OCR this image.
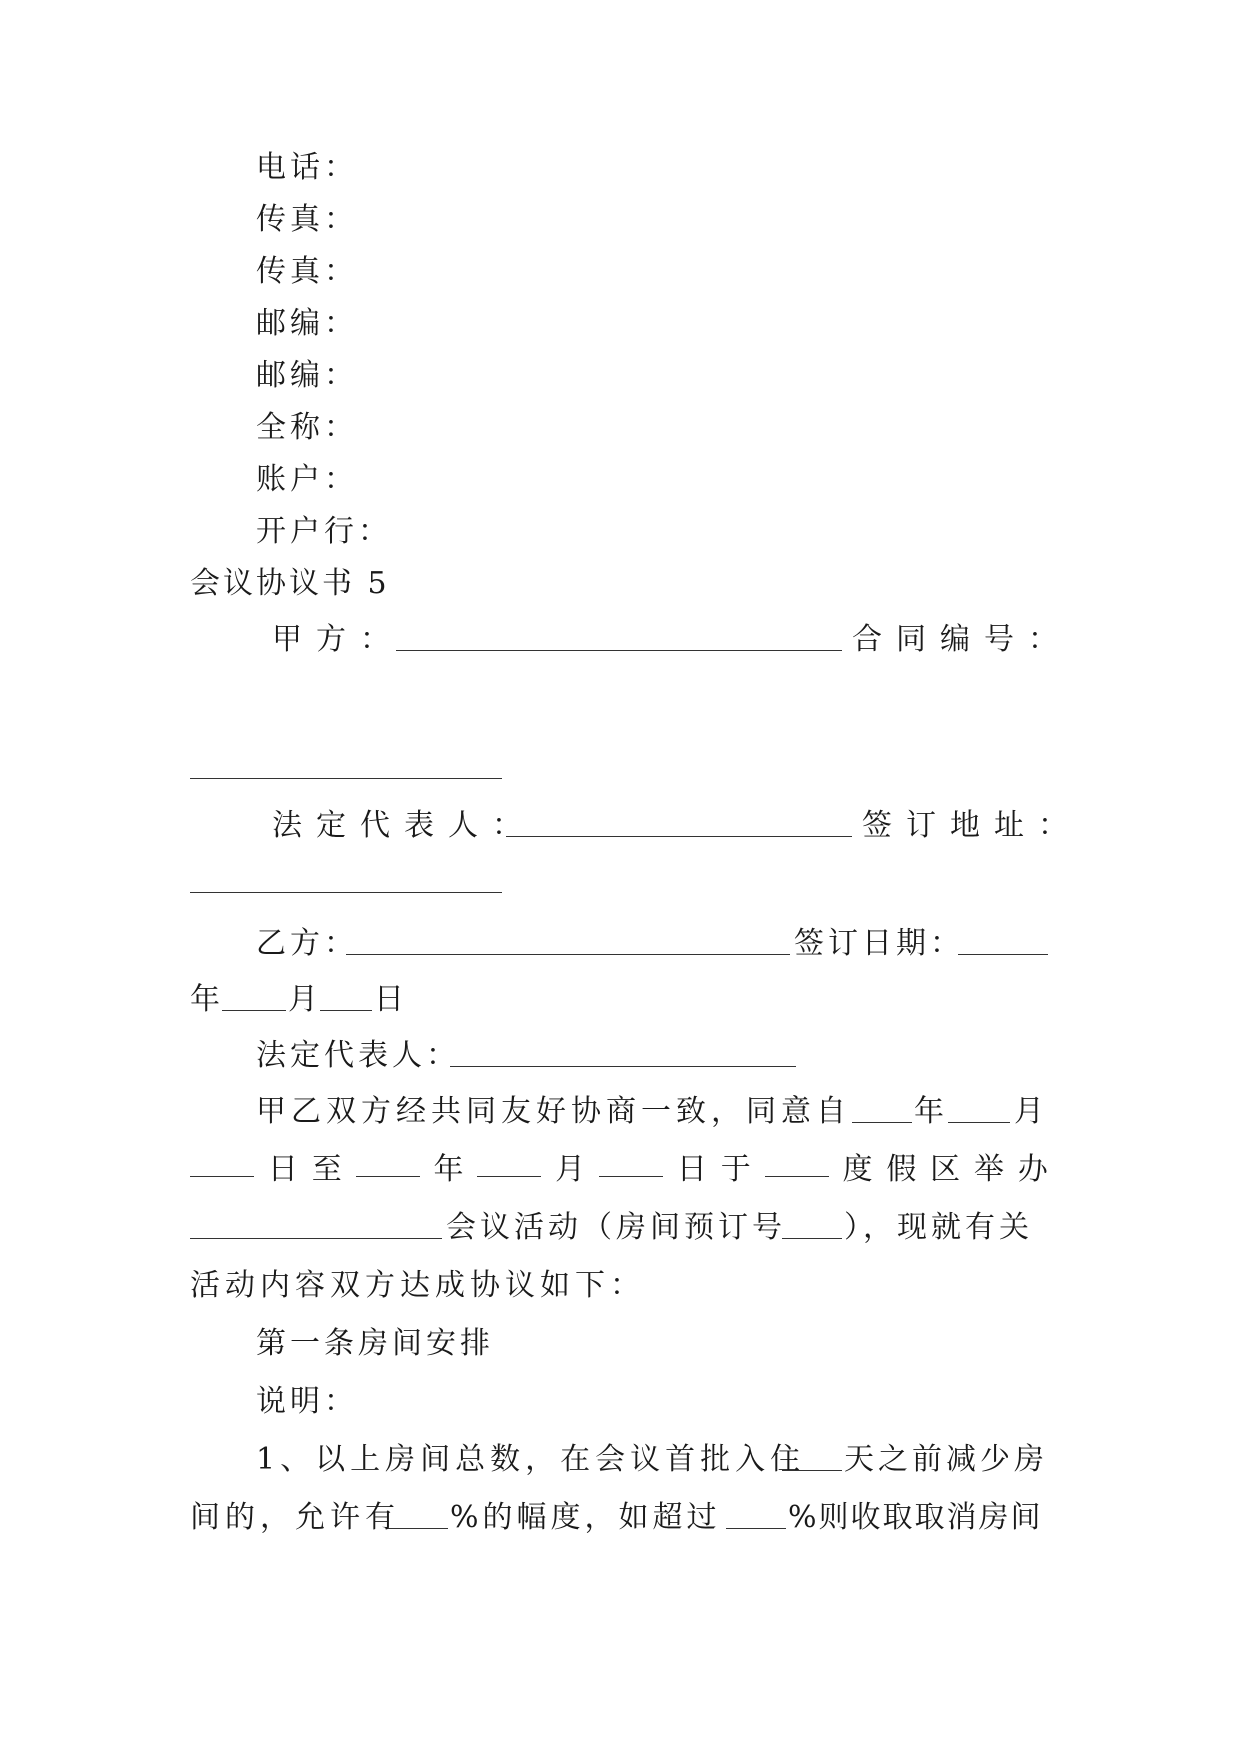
电话：
传真：
传真：
邮编：
邮编：
全称：
账户：
开户行：
会议协议书 5
甲方：	合同编号：
法定代表人：	签订地址：
乙方：	签订日期：
年 月 日
法定代表人：
甲乙双方经共同友好协商一致，同意自 年 月
日 至	年	月	日 于	度 假 区 举 办
会议活动（房间预订号 ），现就有关
活动内容双方达成协议如下：
第一条房间安排
说明：
1、以上房间总数，在会议首批入住 天之前减少房
间的，允许有 %的幅度，如超过 %则收取取消房间
